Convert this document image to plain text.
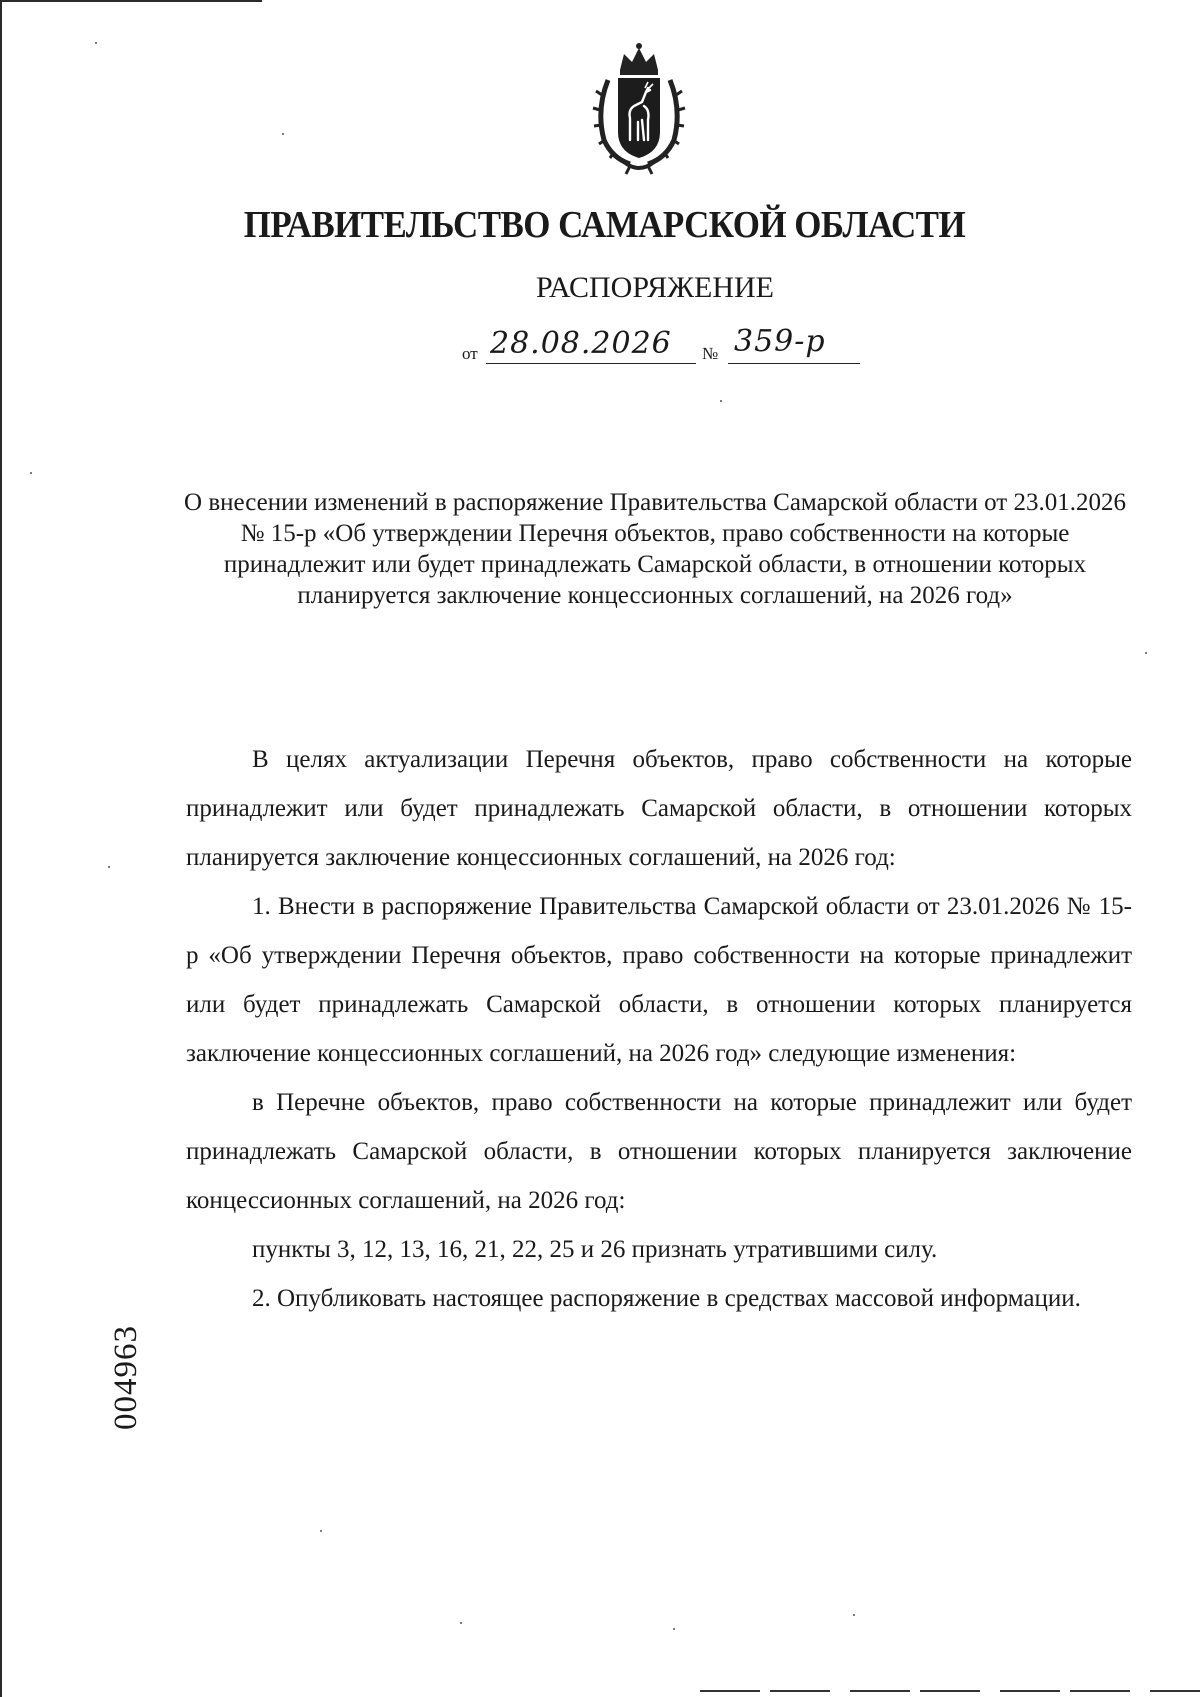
ПРАВИТЕЛЬСТВО САМАРСКОЙ ОБЛАСТИ
РАСПОРЯЖЕНИЕ
от 28.08.2026 № 359-р
О внесении изменений в распоряжение Правительства Самарской области от 23.01.2026 № 15-р «Об утверждении Перечня объектов, право собственности на которые принадлежит или будет принадлежать Самарской области, в отношении которых планируется заключение концессионных соглашений, на 2026 год»

В целях актуализации Перечня объектов, право собственности на которые принадлежит или будет принадлежать Самарской области, в отношении которых планируется заключение концессионных соглашений, на 2026 год:

1. Внести в распоряжение Правительства Самарской области от 23.01.2026 № 15-р «Об утверждении Перечня объектов, право собственности на которые принадлежит или будет принадлежать Самарской области, в отношении которых планируется заключение концессионных соглашений, на 2026 год» следующие изменения:

в Перечне объектов, право собственности на которые принадлежит или будет принадлежать Самарской области, в отношении которых планируется заключение концессионных соглашений, на 2026 год:

пункты 3, 12, 13, 16, 21, 22, 25 и 26 признать утратившими силу.

2. Опубликовать настоящее распоряжение в средствах массовой информации.

004963
